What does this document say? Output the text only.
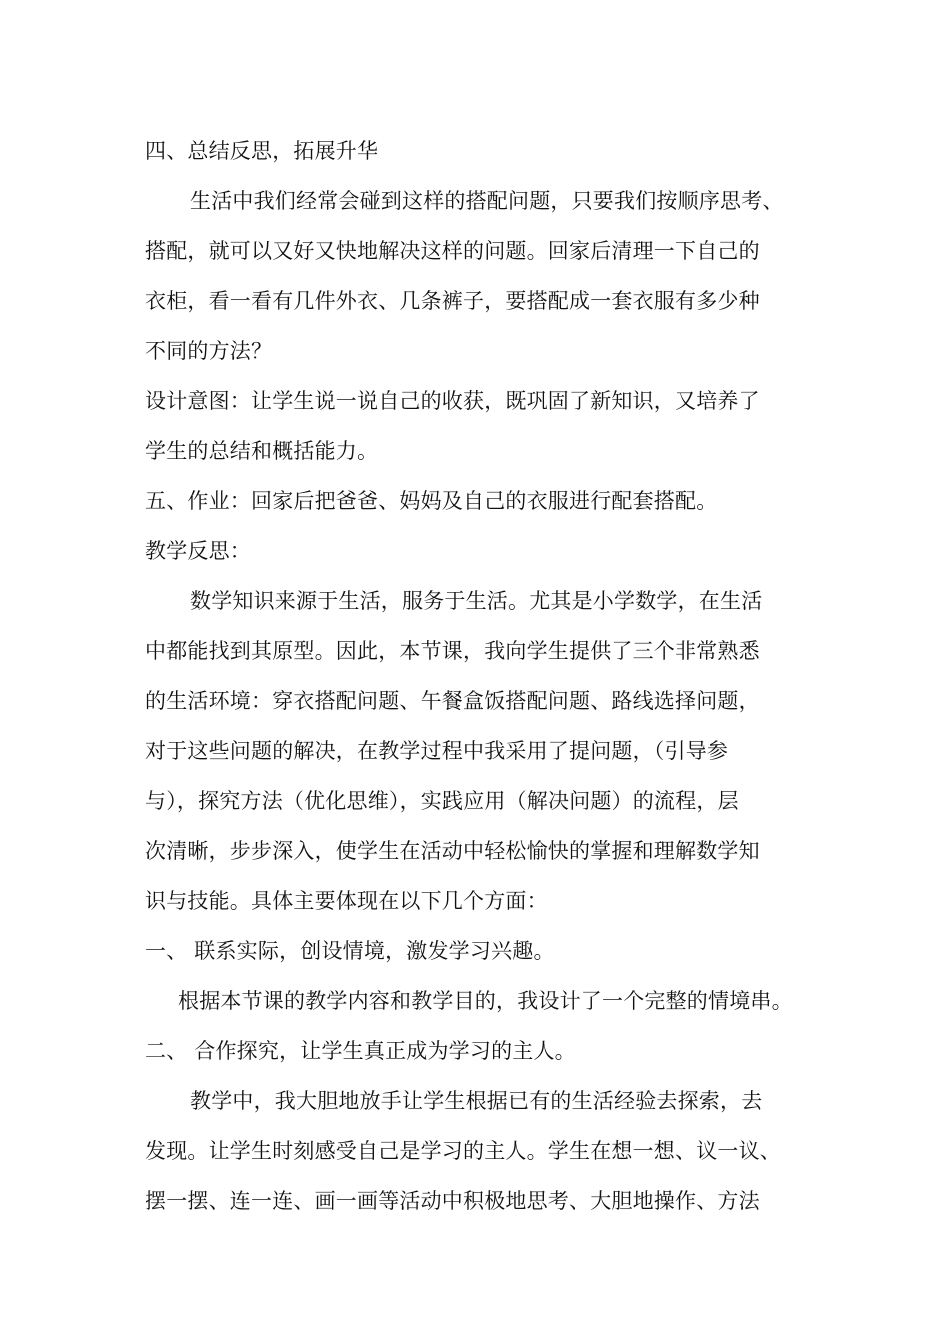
四、总结反思，拓展升华
生活中我们经常会碰到这样的搭配问题，只要我们按顺序思考、
搭配，就可以又好又快地解决这样的问题。回家后清理一下自己的
衣柜，看一看有几件外衣、几条裤子，要搭配成一套衣服有多少种
不同的方法？
设计意图：让学生说一说自己的收获，既巩固了新知识，又培养了
学生的总结和概括能力。
五、作业：回家后把爸爸、妈妈及自己的衣服进行配套搭配。
教学反思：
数学知识来源于生活，服务于生活。尤其是小学数学，在生活
中都能找到其原型。因此，本节课，我向学生提供了三个非常熟悉
的生活环境：穿衣搭配问题、午餐盒饭搭配问题、路线选择问题，
对于这些问题的解决，在教学过程中我采用了提问题，（引导参
与），探究方法（优化思维），实践应用（解决问题）的流程，层
次清晰，步步深入，使学生在活动中轻松愉快的掌握和理解数学知
识与技能。具体主要体现在以下几个方面：
一、 联系实际，创设情境，激发学习兴趣。
根据本节课的教学内容和教学目的，我设计了一个完整的情境串。
二、 合作探究，让学生真正成为学习的主人。
教学中，我大胆地放手让学生根据已有的生活经验去探索，去
发现。让学生时刻感受自己是学习的主人。学生在想一想、议一议、
摆一摆、连一连、画一画等活动中积极地思考、大胆地操作、方法
